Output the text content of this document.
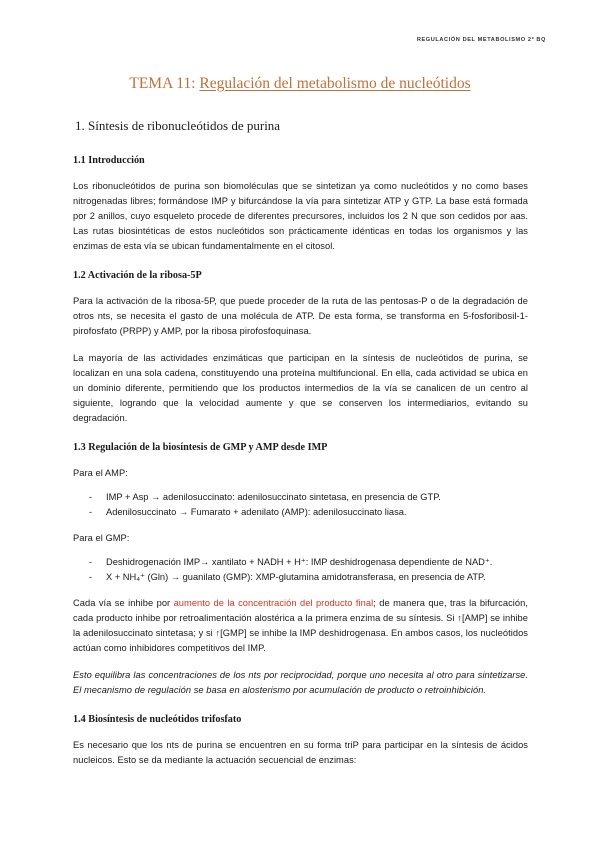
REGULACIÓN DEL METABOLISMO 2º BQ
TEMA 11: Regulación del metabolismo de nucleótidos
1. Síntesis de ribonucleótidos de purina
1.1 Introducción

Los ribonucleótidos de purina son biomoléculas que se sintetizan ya como nucleótidos y no como bases nitrogenadas libres; formándose IMP y bifurcándose la vía para sintetizar ATP y GTP. La base está formada por 2 anillos, cuyo esqueleto procede de diferentes precursores, incluidos los 2 N que son cedidos por aas. Las rutas biosintéticas de estos nucleótidos son prácticamente idénticas en todas los organismos y las enzimas de esta vía se ubican fundamentalmente en el citosol.

1.2 Activación de la ribosa-5P

Para la activación de la ribosa-5P, que puede proceder de la ruta de las pentosas-P o de la degradación de otros nts, se necesita el gasto de una molécula de ATP. De esta forma, se transforma en 5-fosforibosil-1-pirofosfato (PRPP) y AMP, por la ribosa pirofosfoquinasa.

La mayoría de las actividades enzimáticas que participan en la síntesis de nucleótidos de purina, se localizan en una sola cadena, constituyendo una proteína multifuncional. En ella, cada actividad se ubica en un dominio diferente, permitiendo que los productos intermedios de la vía se canalicen de un centro al siguiente, logrando que la velocidad aumente y que se conserven los intermediarios, evitando su degradación.

1.3 Regulación de la biosíntesis de GMP y AMP desde IMP

Para el AMP:

- IMP + Asp → adenilosuccinato: adenilosuccinato sintetasa, en presencia de GTP.
- Adenilosuccinato → Fumarato + adenilato (AMP): adenilosuccinato liasa.

Para el GMP:

- Deshidrogenación IMP→ xantilato + NADH + H⁺: IMP deshidrogenasa dependiente de NAD⁺.
- X + NH₄⁺ (Gln) → guanilato (GMP): XMP-glutamina amidotransferasa, en presencia de ATP.

Cada vía se inhibe por aumento de la concentración del producto final; de manera que, tras la bifurcación, cada producto inhibe por retroalimentación alostérica a la primera enzima de su síntesis. Si ↑[AMP] se inhibe la adenilosuccinato sintetasa; y si ↑[GMP] se inhibe la IMP deshidrogenasa. En ambos casos, los nucleótidos actúan como inhibidores competitivos del IMP.

Esto equilibra las concentraciones de los nts por reciprocidad, porque uno necesita al otro para sintetizarse. El mecanismo de regulación se basa en alosterismo por acumulación de producto o retroinhibición.

1.4 Biosíntesis de nucleótidos trifosfato

Es necesario que los nts de purina se encuentren en su forma triP para participar en la síntesis de ácidos nucleicos. Esto se da mediante la actuación secuencial de enzimas:
